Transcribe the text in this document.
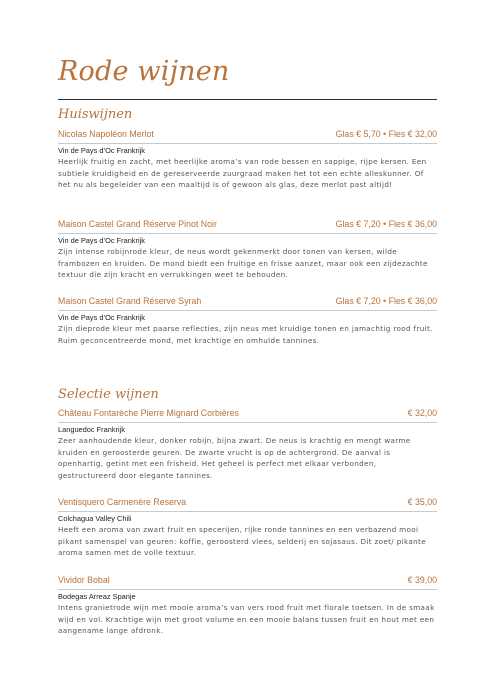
Rode wijnen
Huiswijnen
Nicolas Napoléon Merlot	Glas € 5,70 • Fles € 32,00
Vin de Pays d’Oc Frankrijk

Heerlijk fruitig en zacht, met heerlijke aroma’s van rode bessen en sappige, rijpe kersen. Een subtiele kruidigheid en de gereserveerde zuurgraad maken het tot een echte alleskunner. Of het nu als begeleider van een maaltijd is of gewoon als glas, deze merlot past altijd!

Maison Castel Grand Réserve Pinot Noir	Glas € 7,20 • Fles € 36,00
Vin de Pays d’Oc Frankrijk

Zijn intense robijnrode kleur, de neus wordt gekenmerkt door tonen van kersen, wilde frambozen en kruiden. De mond biedt een fruitige en frisse aanzet, maar ook een zijdezachte textuur die zijn kracht en verrukkingen weet te behouden.

Maison Castel Grand Réserve Syrah	Glas € 7,20 • Fles € 36,00
Vin de Pays d’Oc Frankrijk

Zijn dieprode kleur met paarse reflecties, zijn neus met kruidige tonen en jamachtig rood fruit. Ruim geconcentreerde mond, met krachtige en omhulde tannines.

Selectie wijnen
Château Fontarèche Pierre Mignard Corbières	€ 32,00
Languedoc Frankrijk

Zeer aanhoudende kleur, donker robijn, bijna zwart. De neus is krachtig en mengt warme kruiden en geroosterde geuren. De zwarte vrucht is op de achtergrond. De aanval is openhartig, getint met een frisheid. Het geheel is perfect met elkaar verbonden, gestructureerd door elegante tannines.

Ventisquero Carmenère Reserva	€ 35,00
Colchagua Valley Chili

Heeft een aroma van zwart fruit en specerijen, rijke ronde tannines en een verbazend mooi pikant samenspel van geuren: koffie, geroosterd vlees, selderij en sojasaus. Dit zoet/ pikante aroma samen met de volle textuur.

Vividor Bobal	€ 39,00
Bodegas Arreaz Spanje

Intens granietrode wijn met mooie aroma’s van vers rood fruit met florale toetsen. In de smaak wijd en vol. Krachtige wijn met groot volume en een mooie balans tussen fruit en hout met een aangename lange afdronk.
